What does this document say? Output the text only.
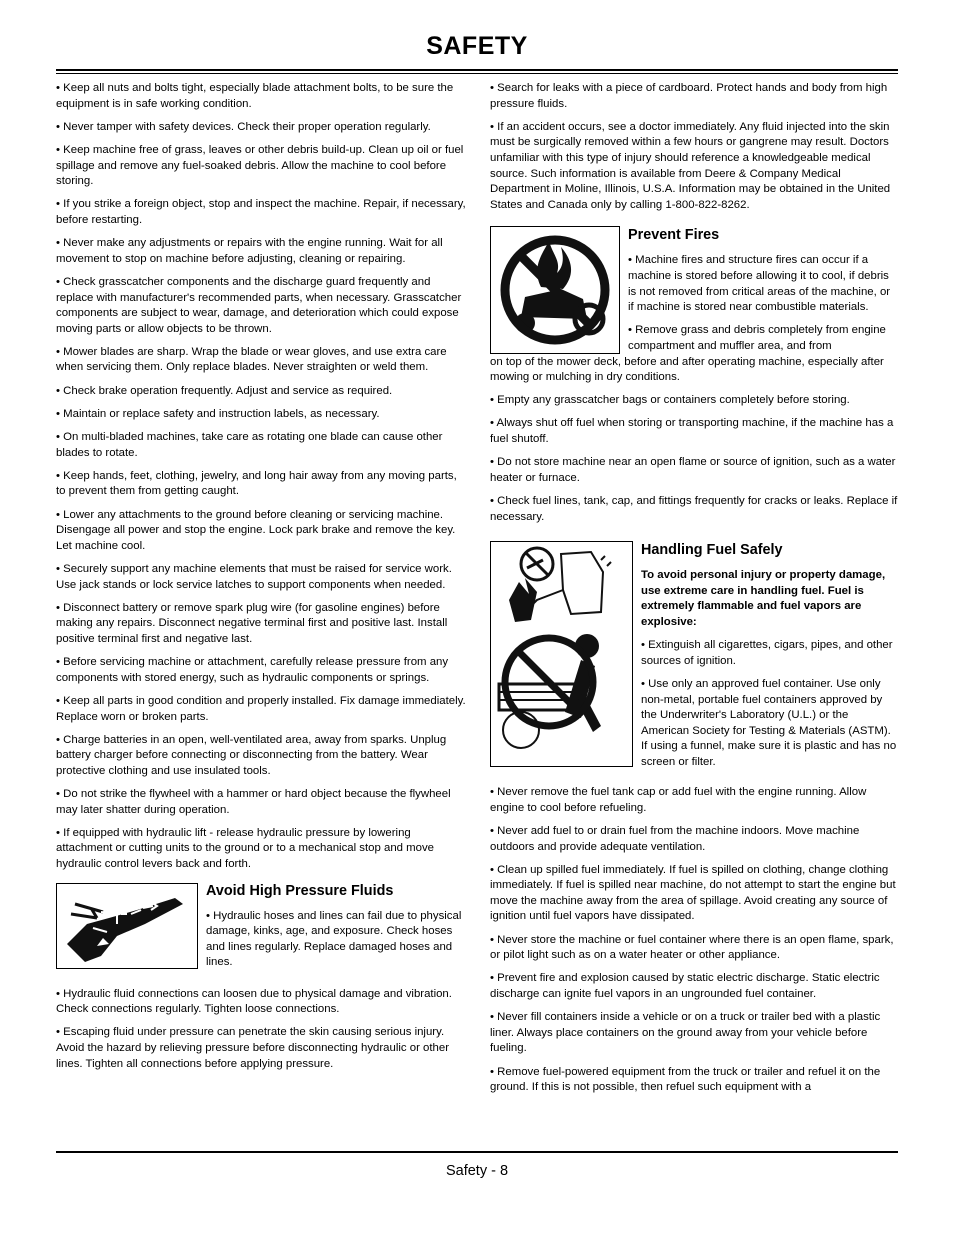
SAFETY

• Keep all nuts and bolts tight, especially blade attachment bolts, to be sure the equipment is in safe working condition.

• Never tamper with safety devices. Check their proper operation regularly.

• Keep machine free of grass, leaves or other debris build-up. Clean up oil or fuel spillage and remove any fuel-soaked debris. Allow the machine to cool before storing.

• If you strike a foreign object, stop and inspect the machine. Repair, if necessary, before restarting.

• Never make any adjustments or repairs with the engine running. Wait for all movement to stop on machine before adjusting, cleaning or repairing.

• Check grasscatcher components and the discharge guard frequently and replace with manufacturer's recommended parts, when necessary. Grasscatcher components are subject to wear, damage, and deterioration which could expose moving parts or allow objects to be thrown.

• Mower blades are sharp. Wrap the blade or wear gloves, and use extra care when servicing them. Only replace blades. Never straighten or weld them.

• Check brake operation frequently. Adjust and service as required.

• Maintain or replace safety and instruction labels, as necessary.

• On multi-bladed machines, take care as rotating one blade can cause other blades to rotate.

• Keep hands, feet, clothing, jewelry, and long hair away from any moving parts, to prevent them from getting caught.

• Lower any attachments to the ground before cleaning or servicing machine. Disengage all power and stop the engine. Lock park brake and remove the key. Let machine cool.

• Securely support any machine elements that must be raised for service work. Use jack stands or lock service latches to support components when needed.

• Disconnect battery or remove spark plug wire (for gasoline engines) before making any repairs. Disconnect negative terminal first and positive last. Install positive terminal first and negative last.

• Before servicing machine or attachment, carefully release pressure from any components with stored energy, such as hydraulic components or springs.

• Keep all parts in good condition and properly installed. Fix damage immediately. Replace worn or broken parts.

• Charge batteries in an open, well-ventilated area, away from sparks. Unplug battery charger before connecting or disconnecting from the battery. Wear protective clothing and use insulated tools.

• Do not strike the flywheel with a hammer or hard object because the flywheel may later shatter during operation.

• If equipped with hydraulic lift - release hydraulic pressure by lowering attachment or cutting units to the ground or to a mechanical stop and move hydraulic control levers back and forth.

Avoid High Pressure Fluids

• Hydraulic hoses and lines can fail due to physical damage, kinks, age, and exposure. Check hoses and lines regularly. Replace damaged hoses and lines.

• Hydraulic fluid connections can loosen due to physical damage and vibration. Check connections regularly. Tighten loose connections.

• Escaping fluid under pressure can penetrate the skin causing serious injury. Avoid the hazard by relieving pressure before disconnecting hydraulic or other lines. Tighten all connections before applying pressure.

• Search for leaks with a piece of cardboard. Protect hands and body from high pressure fluids.

• If an accident occurs, see a doctor immediately. Any fluid injected into the skin must be surgically removed within a few hours or gangrene may result. Doctors unfamiliar with this type of injury should reference a knowledgeable medical source. Such information is available from Deere & Company Medical Department in Moline, Illinois, U.S.A. Information may be obtained in the United States and Canada only by calling 1-800-822-8262.

Prevent Fires

• Machine fires and structure fires can occur if a machine is stored before allowing it to cool, if debris is not removed from critical areas of the machine, or if machine is stored near combustible materials.

• Remove grass and debris completely from engine compartment and muffler area, and from

on top of the mower deck, before and after operating machine, especially after mowing or mulching in dry conditions.

• Empty any grasscatcher bags or containers completely before storing.

• Always shut off fuel when storing or transporting machine, if the machine has a fuel shutoff.

• Do not store machine near an open flame or source of ignition, such as a water heater or furnace.

• Check fuel lines, tank, cap, and fittings frequently for cracks or leaks. Replace if necessary.

Handling Fuel Safely

To avoid personal injury or property damage, use extreme care in handling fuel. Fuel is extremely flammable and fuel vapors are explosive:

• Extinguish all cigarettes, cigars, pipes, and other sources of ignition.

• Use only an approved fuel container. Use only non-metal, portable fuel containers approved by the Underwriter's Laboratory (U.L.) or the American Society for Testing & Materials (ASTM). If using a funnel, make sure it is plastic and has no screen or filter.

• Never remove the fuel tank cap or add fuel with the engine running. Allow engine to cool before refueling.

• Never add fuel to or drain fuel from the machine indoors. Move machine outdoors and provide adequate ventilation.

• Clean up spilled fuel immediately. If fuel is spilled on clothing, change clothing immediately. If fuel is spilled near machine, do not attempt to start the engine but move the machine away from the area of spillage. Avoid creating any source of ignition until fuel vapors have dissipated.

• Never store the machine or fuel container where there is an open flame, spark, or pilot light such as on a water heater or other appliance.

• Prevent fire and explosion caused by static electric discharge. Static electric discharge can ignite fuel vapors in an ungrounded fuel container.

• Never fill containers inside a vehicle or on a truck or trailer bed with a plastic liner. Always place containers on the ground away from your vehicle before fueling.

• Remove fuel-powered equipment from the truck or trailer and refuel it on the ground. If this is not possible, then refuel such equipment with a

Safety - 8
